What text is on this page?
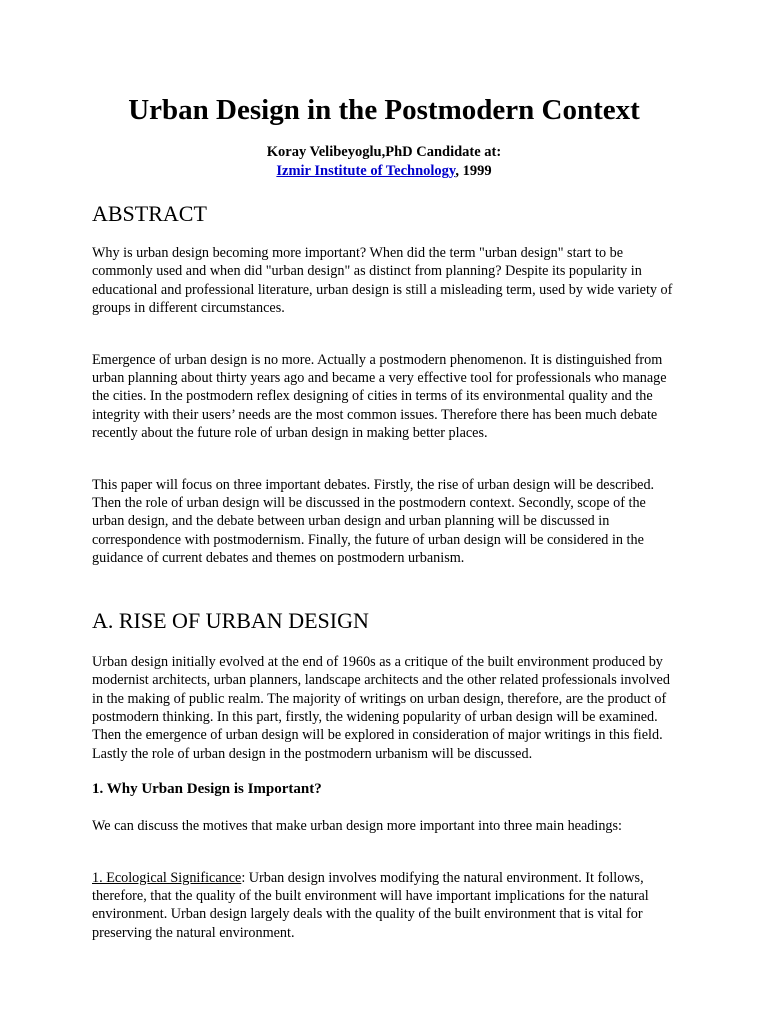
Urban Design in the Postmodern Context
Koray Velibeyoglu,PhD Candidate at:
Izmir Institute of Technology, 1999
ABSTRACT

Why is urban design becoming more important? When did the term "urban design" start to be commonly used and when did "urban design" as distinct from planning? Despite its popularity in educational and professional literature, urban design is still a misleading term, used by wide variety of groups in different circumstances.

Emergence of urban design is no more. Actually a postmodern phenomenon. It is distinguished from urban planning about thirty years ago and became a very effective tool for professionals who manage the cities. In the postmodern reflex designing of cities in terms of its environmental quality and the integrity with their users’ needs are the most common issues. Therefore there has been much debate recently about the future role of urban design in making better places.

This paper will focus on three important debates. Firstly, the rise of urban design will be described. Then the role of urban design will be discussed in the postmodern context. Secondly, scope of the urban design, and the debate between urban design and urban planning will be discussed in correspondence with postmodernism. Finally, the future of urban design will be considered in the guidance of current debates and themes on postmodern urbanism.

A. RISE OF URBAN DESIGN

Urban design initially evolved at the end of 1960s as a critique of the built environment produced by modernist architects, urban planners, landscape architects and the other related professionals involved in the making of public realm. The majority of writings on urban design, therefore, are the product of postmodern thinking. In this part, firstly, the widening popularity of urban design will be examined. Then the emergence of urban design will be explored in consideration of major writings in this field. Lastly the role of urban design in the postmodern urbanism will be discussed.

1. Why Urban Design is Important?

We can discuss the motives that make urban design more important into three main headings:

1. Ecological Significance: Urban design involves modifying the natural environment. It follows, therefore, that the quality of the built environment will have important implications for the natural environment. Urban design largely deals with the quality of the built environment that is vital for preserving the natural environment.
